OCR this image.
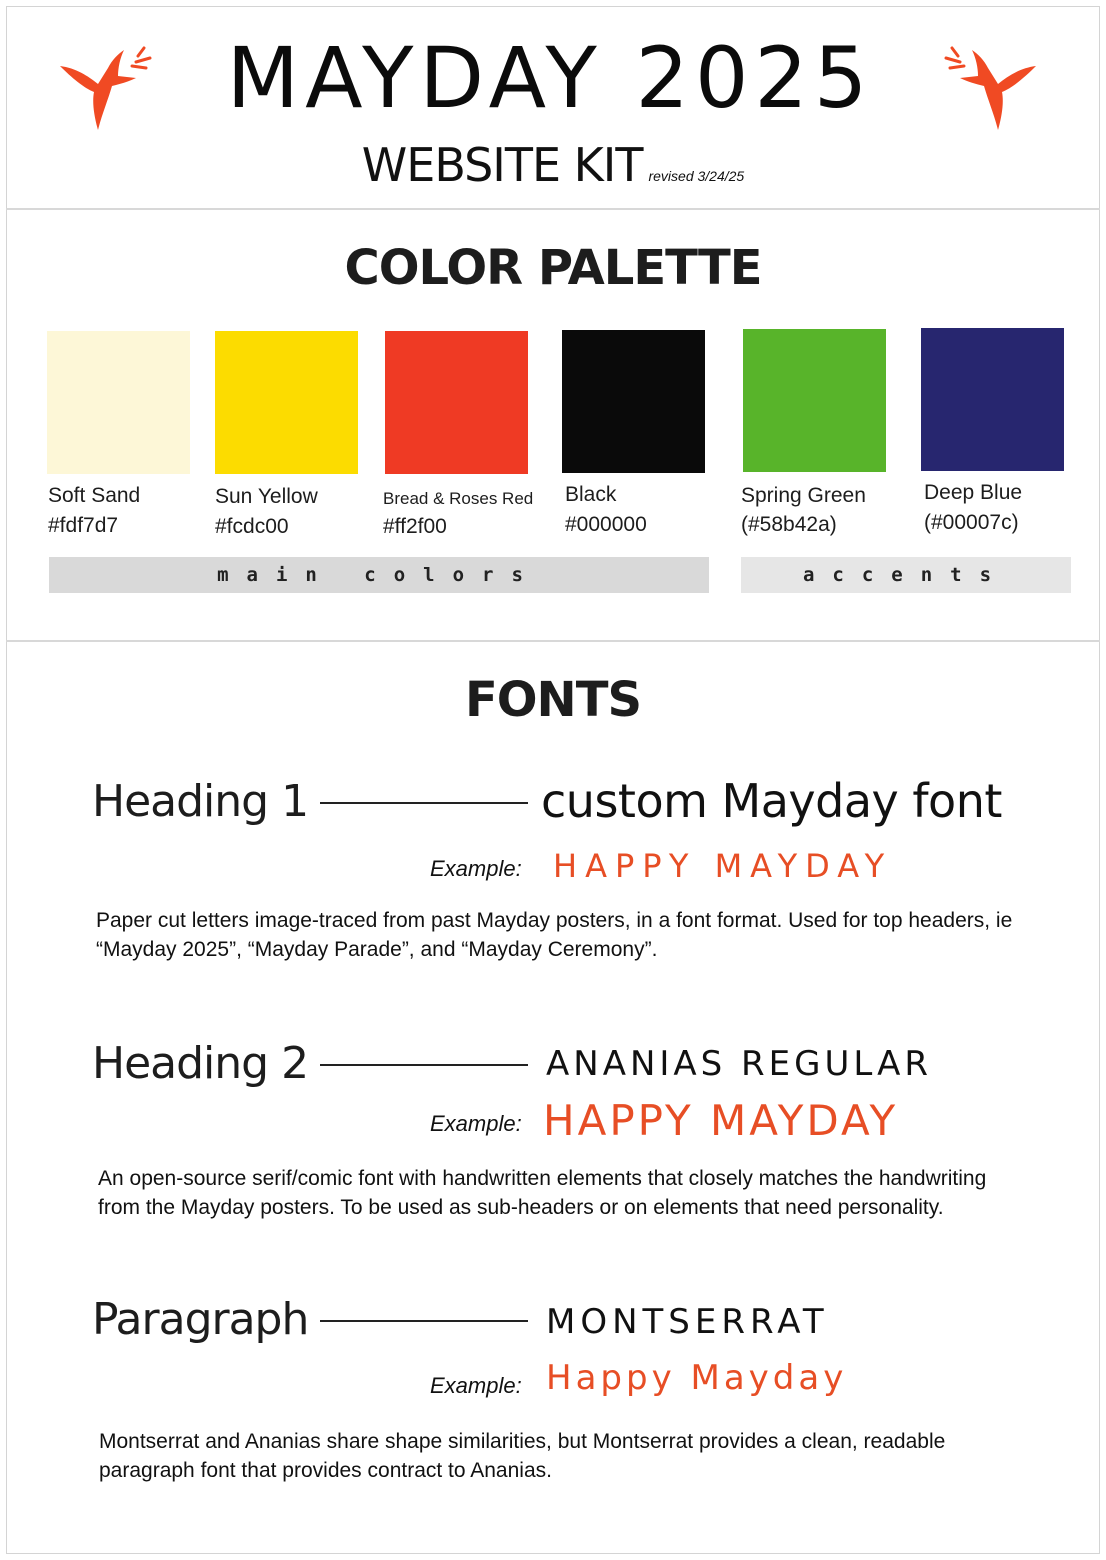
MAYDAY 2025
WEBSITE KIT revised 3/24/25
COLOR PALETTE
Soft Sand
#fdf7d7
Sun Yellow
#fcdc00
Bread & Roses Red
#ff2f00
Black
#000000
Spring Green
(#58b42a)
Deep Blue
(#00007c)
main colors	accents
FONTS
Heading 1	custom Mayday font
Example: HAPPY MAYDAY
Paper cut letters image-traced from past Mayday posters, in a font format. Used for top headers, ie “Mayday 2025”, “Mayday Parade”, and “Mayday Ceremony”.
Heading 2	ANANIAS REGULAR
Example: HAPPY MAYDAY
An open-source serif/comic font with handwritten elements that closely matches the handwriting from the Mayday posters. To be used as sub-headers or on elements that need personality.
Paragraph	MONTSERRAT
Example: Happy Mayday
Montserrat and Ananias share shape similarities, but Montserrat provides a clean, readable paragraph font that provides contract to Ananias.
